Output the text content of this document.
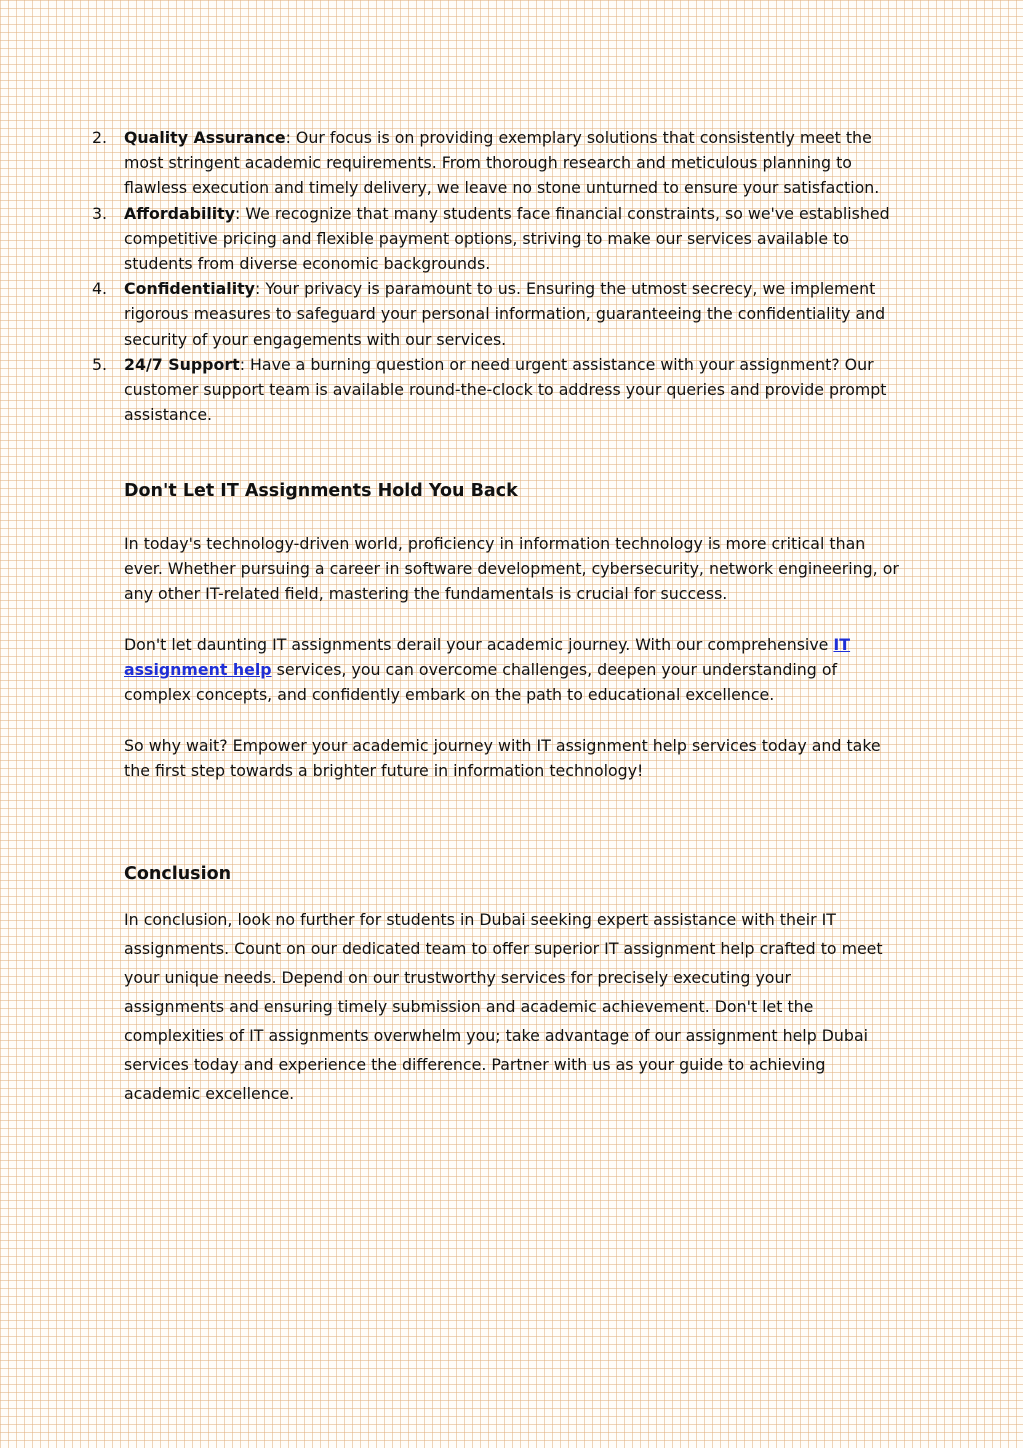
2. Quality Assurance: Our focus is on providing exemplary solutions that consistently meet the most stringent academic requirements. From thorough research and meticulous planning to flawless execution and timely delivery, we leave no stone unturned to ensure your satisfaction.
3. Affordability: We recognize that many students face financial constraints, so we've established competitive pricing and flexible payment options, striving to make our services available to students from diverse economic backgrounds.
4. Confidentiality: Your privacy is paramount to us. Ensuring the utmost secrecy, we implement rigorous measures to safeguard your personal information, guaranteeing the confidentiality and security of your engagements with our services.
5. 24/7 Support: Have a burning question or need urgent assistance with your assignment? Our customer support team is available round-the-clock to address your queries and provide prompt assistance.
Don't Let IT Assignments Hold You Back

In today's technology-driven world, proficiency in information technology is more critical than ever. Whether pursuing a career in software development, cybersecurity, network engineering, or any other IT-related field, mastering the fundamentals is crucial for success.

Don't let daunting IT assignments derail your academic journey. With our comprehensive IT assignment help services, you can overcome challenges, deepen your understanding of complex concepts, and confidently embark on the path to educational excellence.

So why wait? Empower your academic journey with IT assignment help services today and take the first step towards a brighter future in information technology!

Conclusion

In conclusion, look no further for students in Dubai seeking expert assistance with their IT assignments. Count on our dedicated team to offer superior IT assignment help crafted to meet your unique needs. Depend on our trustworthy services for precisely executing your assignments and ensuring timely submission and academic achievement. Don't let the complexities of IT assignments overwhelm you; take advantage of our assignment help Dubai services today and experience the difference. Partner with us as your guide to achieving academic excellence.
